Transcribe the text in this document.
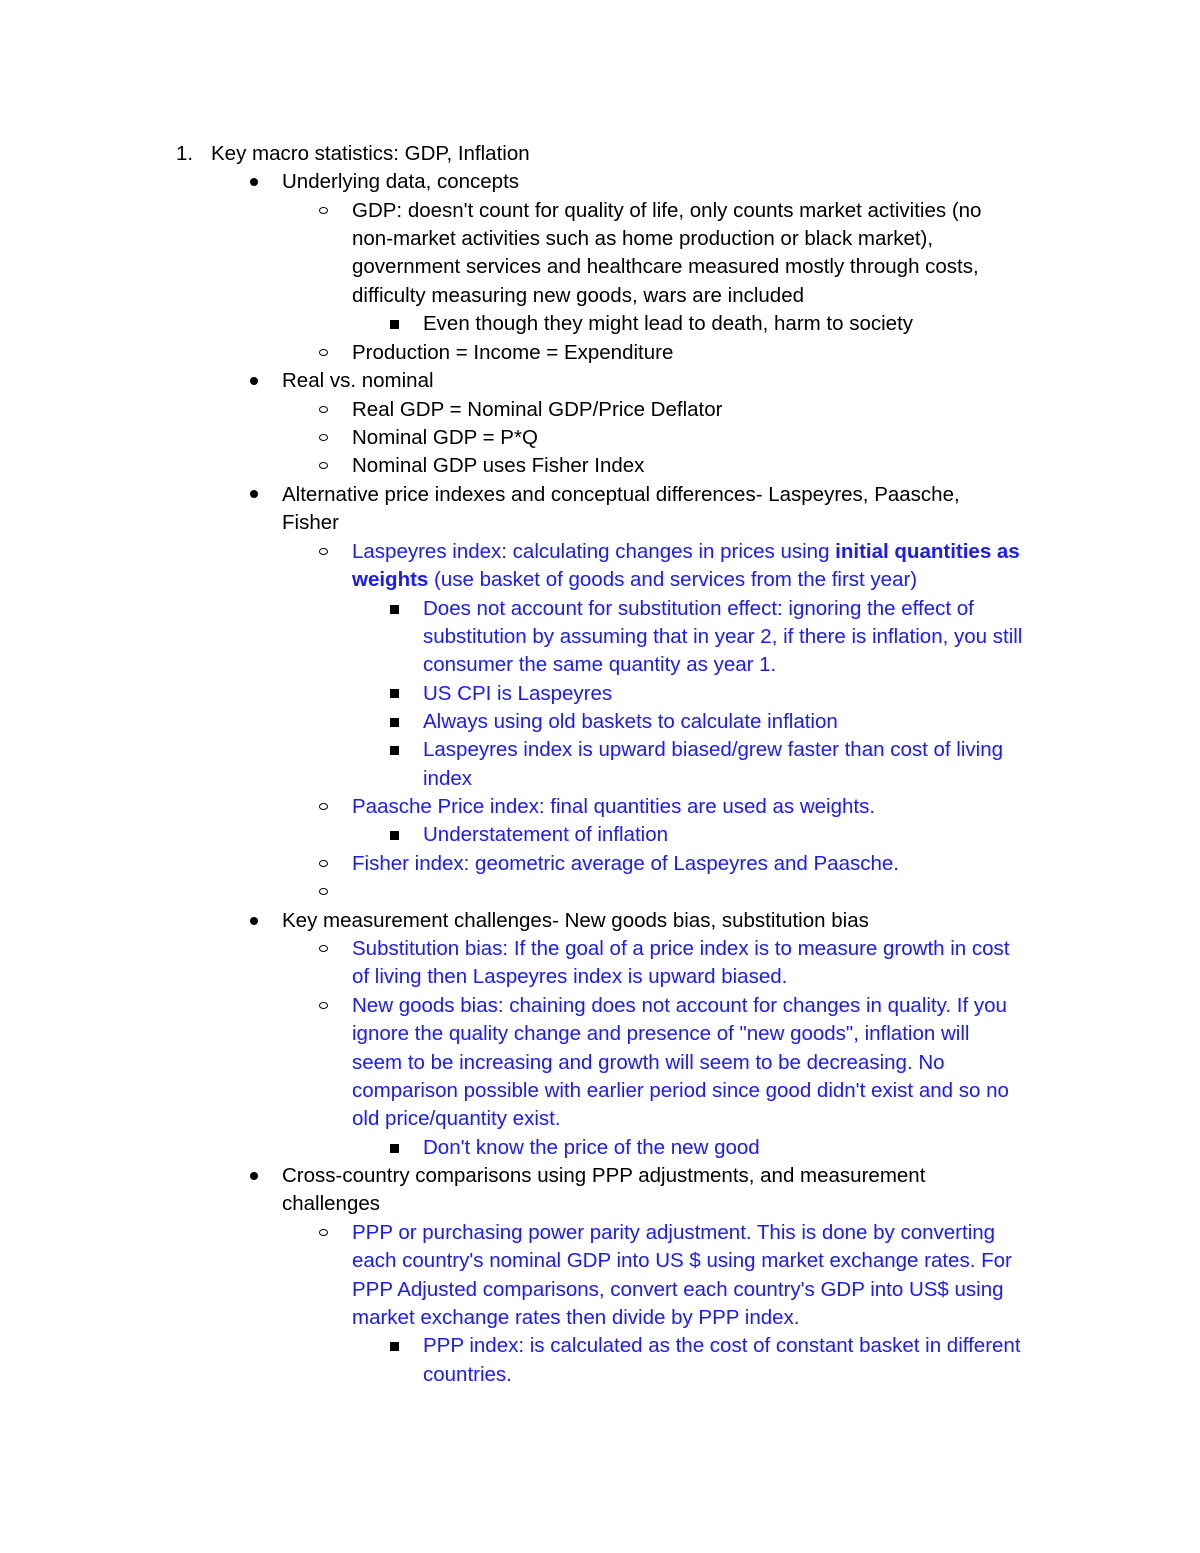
1. Key macro statistics: GDP, Inflation
Underlying data, concepts
GDP: doesn't count for quality of life, only counts market activities (no
non-market activities such as home production or black market),
government services and healthcare measured mostly through costs,
difficulty measuring new goods, wars are included
Even though they might lead to death, harm to society
Production = Income = Expenditure
Real vs. nominal
Real GDP = Nominal GDP/Price Deflator
Nominal GDP = P*Q
Nominal GDP uses Fisher Index
Alternative price indexes and conceptual differences- Laspeyres, Paasche,
Fisher
Laspeyres index: calculating changes in prices using initial quantities as
weights (use basket of goods and services from the first year)
Does not account for substitution effect: ignoring the effect of
substitution by assuming that in year 2, if there is inflation, you still
consumer the same quantity as year 1.
US CPI is Laspeyres
Always using old baskets to calculate inflation
Laspeyres index is upward biased/grew faster than cost of living
index
Paasche Price index: final quantities are used as weights.
Understatement of inflation
Fisher index: geometric average of Laspeyres and Paasche.
Key measurement challenges- New goods bias, substitution bias
Substitution bias: If the goal of a price index is to measure growth in cost
of living then Laspeyres index is upward biased.
New goods bias: chaining does not account for changes in quality. If you
ignore the quality change and presence of "new goods", inflation will
seem to be increasing and growth will seem to be decreasing. No
comparison possible with earlier period since good didn't exist and so no
old price/quantity exist.
Don't know the price of the new good
Cross-country comparisons using PPP adjustments, and measurement
challenges
PPP or purchasing power parity adjustment. This is done by converting
each country's nominal GDP into US $ using market exchange rates. For
PPP Adjusted comparisons, convert each country's GDP into US$ using
market exchange rates then divide by PPP index.
PPP index: is calculated as the cost of constant basket in different
countries.
